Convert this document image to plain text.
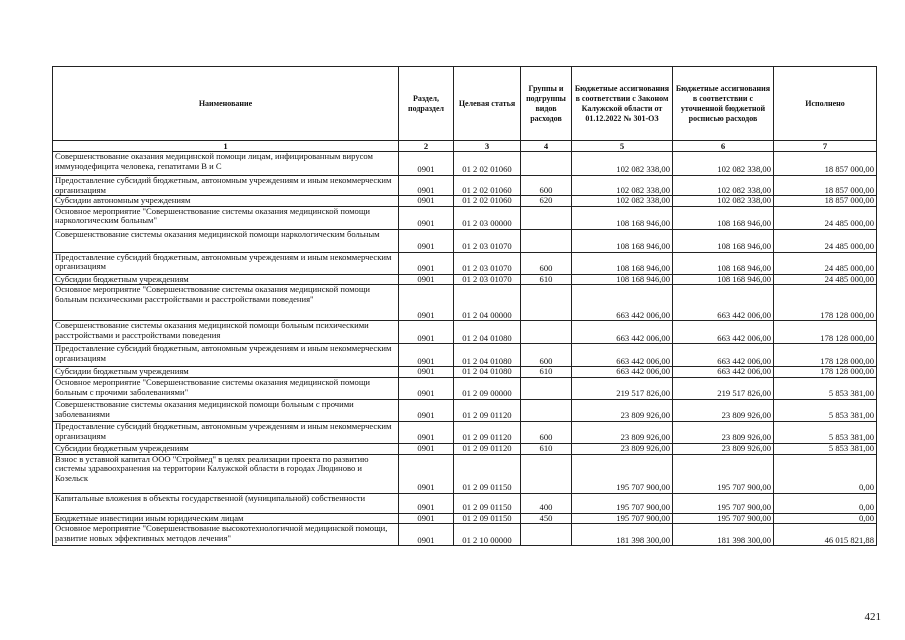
Наименование	Раздел, подраздел	Целевая статья	Группы и подгруппы видов расходов	Бюджетные ассигнования в соответствии с Законом Калужской области от 01.12.2022 № 301-ОЗ	Бюджетные ассигнования в соответствии с уточненной бюджетной росписью расходов	Исполнено
1	2	3	4	5	6	7
Совершенствование оказания медицинской помощи лицам, инфицированным вирусом иммунодефицита человека, гепатитами В и С	0901	01 2 02 01060		102 082 338,00	102 082 338,00	18 857 000,00
Предоставление субсидий бюджетным, автономным учреждениям и иным некоммерческим организациям	0901	01 2 02 01060	600	102 082 338,00	102 082 338,00	18 857 000,00
Субсидии автономным учреждениям	0901	01 2 02 01060	620	102 082 338,00	102 082 338,00	18 857 000,00
Основное мероприятие "Совершенствование системы оказания медицинской помощи наркологическим больным"	0901	01 2 03 00000		108 168 946,00	108 168 946,00	24 485 000,00
Совершенствование системы оказания медицинской помощи наркологическим больным	0901	01 2 03 01070		108 168 946,00	108 168 946,00	24 485 000,00
Предоставление субсидий бюджетным, автономным учреждениям и иным некоммерческим организациям	0901	01 2 03 01070	600	108 168 946,00	108 168 946,00	24 485 000,00
Субсидии бюджетным учреждениям	0901	01 2 03 01070	610	108 168 946,00	108 168 946,00	24 485 000,00
Основное мероприятие "Совершенствование системы оказания медицинской помощи больным психическими расстройствами и расстройствами поведения"	0901	01 2 04 00000		663 442 006,00	663 442 006,00	178 128 000,00
Совершенствование системы оказания медицинской помощи больным психическими расстройствами и расстройствами поведения	0901	01 2 04 01080		663 442 006,00	663 442 006,00	178 128 000,00
Предоставление субсидий бюджетным, автономным учреждениям и иным некоммерческим организациям	0901	01 2 04 01080	600	663 442 006,00	663 442 006,00	178 128 000,00
Субсидии бюджетным учреждениям	0901	01 2 04 01080	610	663 442 006,00	663 442 006,00	178 128 000,00
Основное мероприятие "Совершенствование системы оказания медицинской помощи больным с прочими заболеваниями"	0901	01 2 09 00000		219 517 826,00	219 517 826,00	5 853 381,00
Совершенствование системы оказания медицинской помощи больным с прочими заболеваниями	0901	01 2 09 01120		23 809 926,00	23 809 926,00	5 853 381,00
Предоставление субсидий бюджетным, автономным учреждениям и иным некоммерческим организациям	0901	01 2 09 01120	600	23 809 926,00	23 809 926,00	5 853 381,00
Субсидии бюджетным учреждениям	0901	01 2 09 01120	610	23 809 926,00	23 809 926,00	5 853 381,00
Взнос в уставной капитал ООО "Строймед" в целях реализации проекта по развитию системы здравоохранения на территории Калужской области в городах Людиново и Козельск	0901	01 2 09 01150		195 707 900,00	195 707 900,00	0,00
Капитальные вложения в объекты государственной (муниципальной) собственности	0901	01 2 09 01150	400	195 707 900,00	195 707 900,00	0,00
Бюджетные инвестиции иным юридическим лицам	0901	01 2 09 01150	450	195 707 900,00	195 707 900,00	0,00
Основное мероприятие "Совершенствование высокотехнологичной медицинской помощи, развитие новых эффективных методов лечения"	0901	01 2 10 00000		181 398 300,00	181 398 300,00	46 015 821,88
421
